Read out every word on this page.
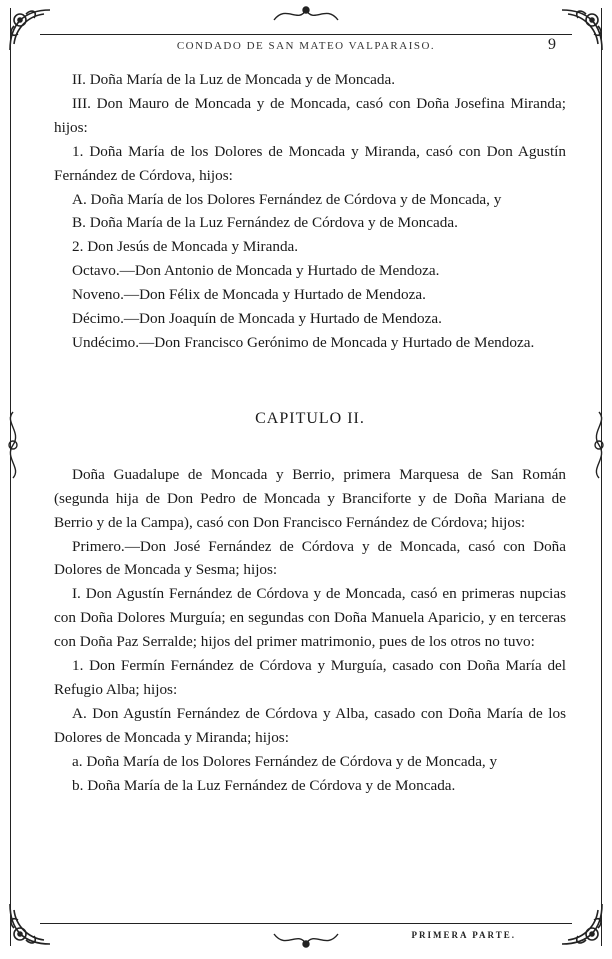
CONDADO DE SAN MATEO VALPARAISO.	9

II. Doña María de la Luz de Moncada y de Moncada.

III. Don Mauro de Moncada y de Moncada, casó con Doña Josefina Miranda; hijos:

1. Doña María de los Dolores de Moncada y Miranda, casó con Don Agustín Fernández de Córdova, hijos:

A. Doña María de los Dolores Fernández de Córdova y de Moncada, y

B. Doña María de la Luz Fernández de Córdova y de Moncada.

2. Don Jesús de Moncada y Miranda.

Octavo.—Don Antonio de Moncada y Hurtado de Mendoza.

Noveno.—Don Félix de Moncada y Hurtado de Mendoza.

Décimo.—Don Joaquín de Moncada y Hurtado de Mendoza.

Undécimo.—Don Francisco Gerónimo de Moncada y Hurtado de Mendoza.

CAPITULO II.

Doña Guadalupe de Moncada y Berrio, primera Marquesa de San Román (segunda hija de Don Pedro de Moncada y Branciforte y de Doña Mariana de Berrio y de la Campa), casó con Don Francisco Fernández de Córdova; hijos:

Primero.—Don José Fernández de Córdova y de Moncada, casó con Doña Dolores de Moncada y Sesma; hijos:

I. Don Agustín Fernández de Córdova y de Moncada, casó en primeras nupcias con Doña Dolores Murguía; en segundas con Doña Manuela Aparicio, y en terceras con Doña Paz Serralde; hijos del primer matrimonio, pues de los otros no tuvo:

1. Don Fermín Fernández de Córdova y Murguía, casado con Doña María del Refugio Alba; hijos:

A. Don Agustín Fernández de Córdova y Alba, casado con Doña María de los Dolores de Moncada y Miranda; hijos:

a. Doña María de los Dolores Fernández de Córdova y de Moncada, y

b. Doña María de la Luz Fernández de Córdova y de Moncada.

PRIMERA PARTE.
